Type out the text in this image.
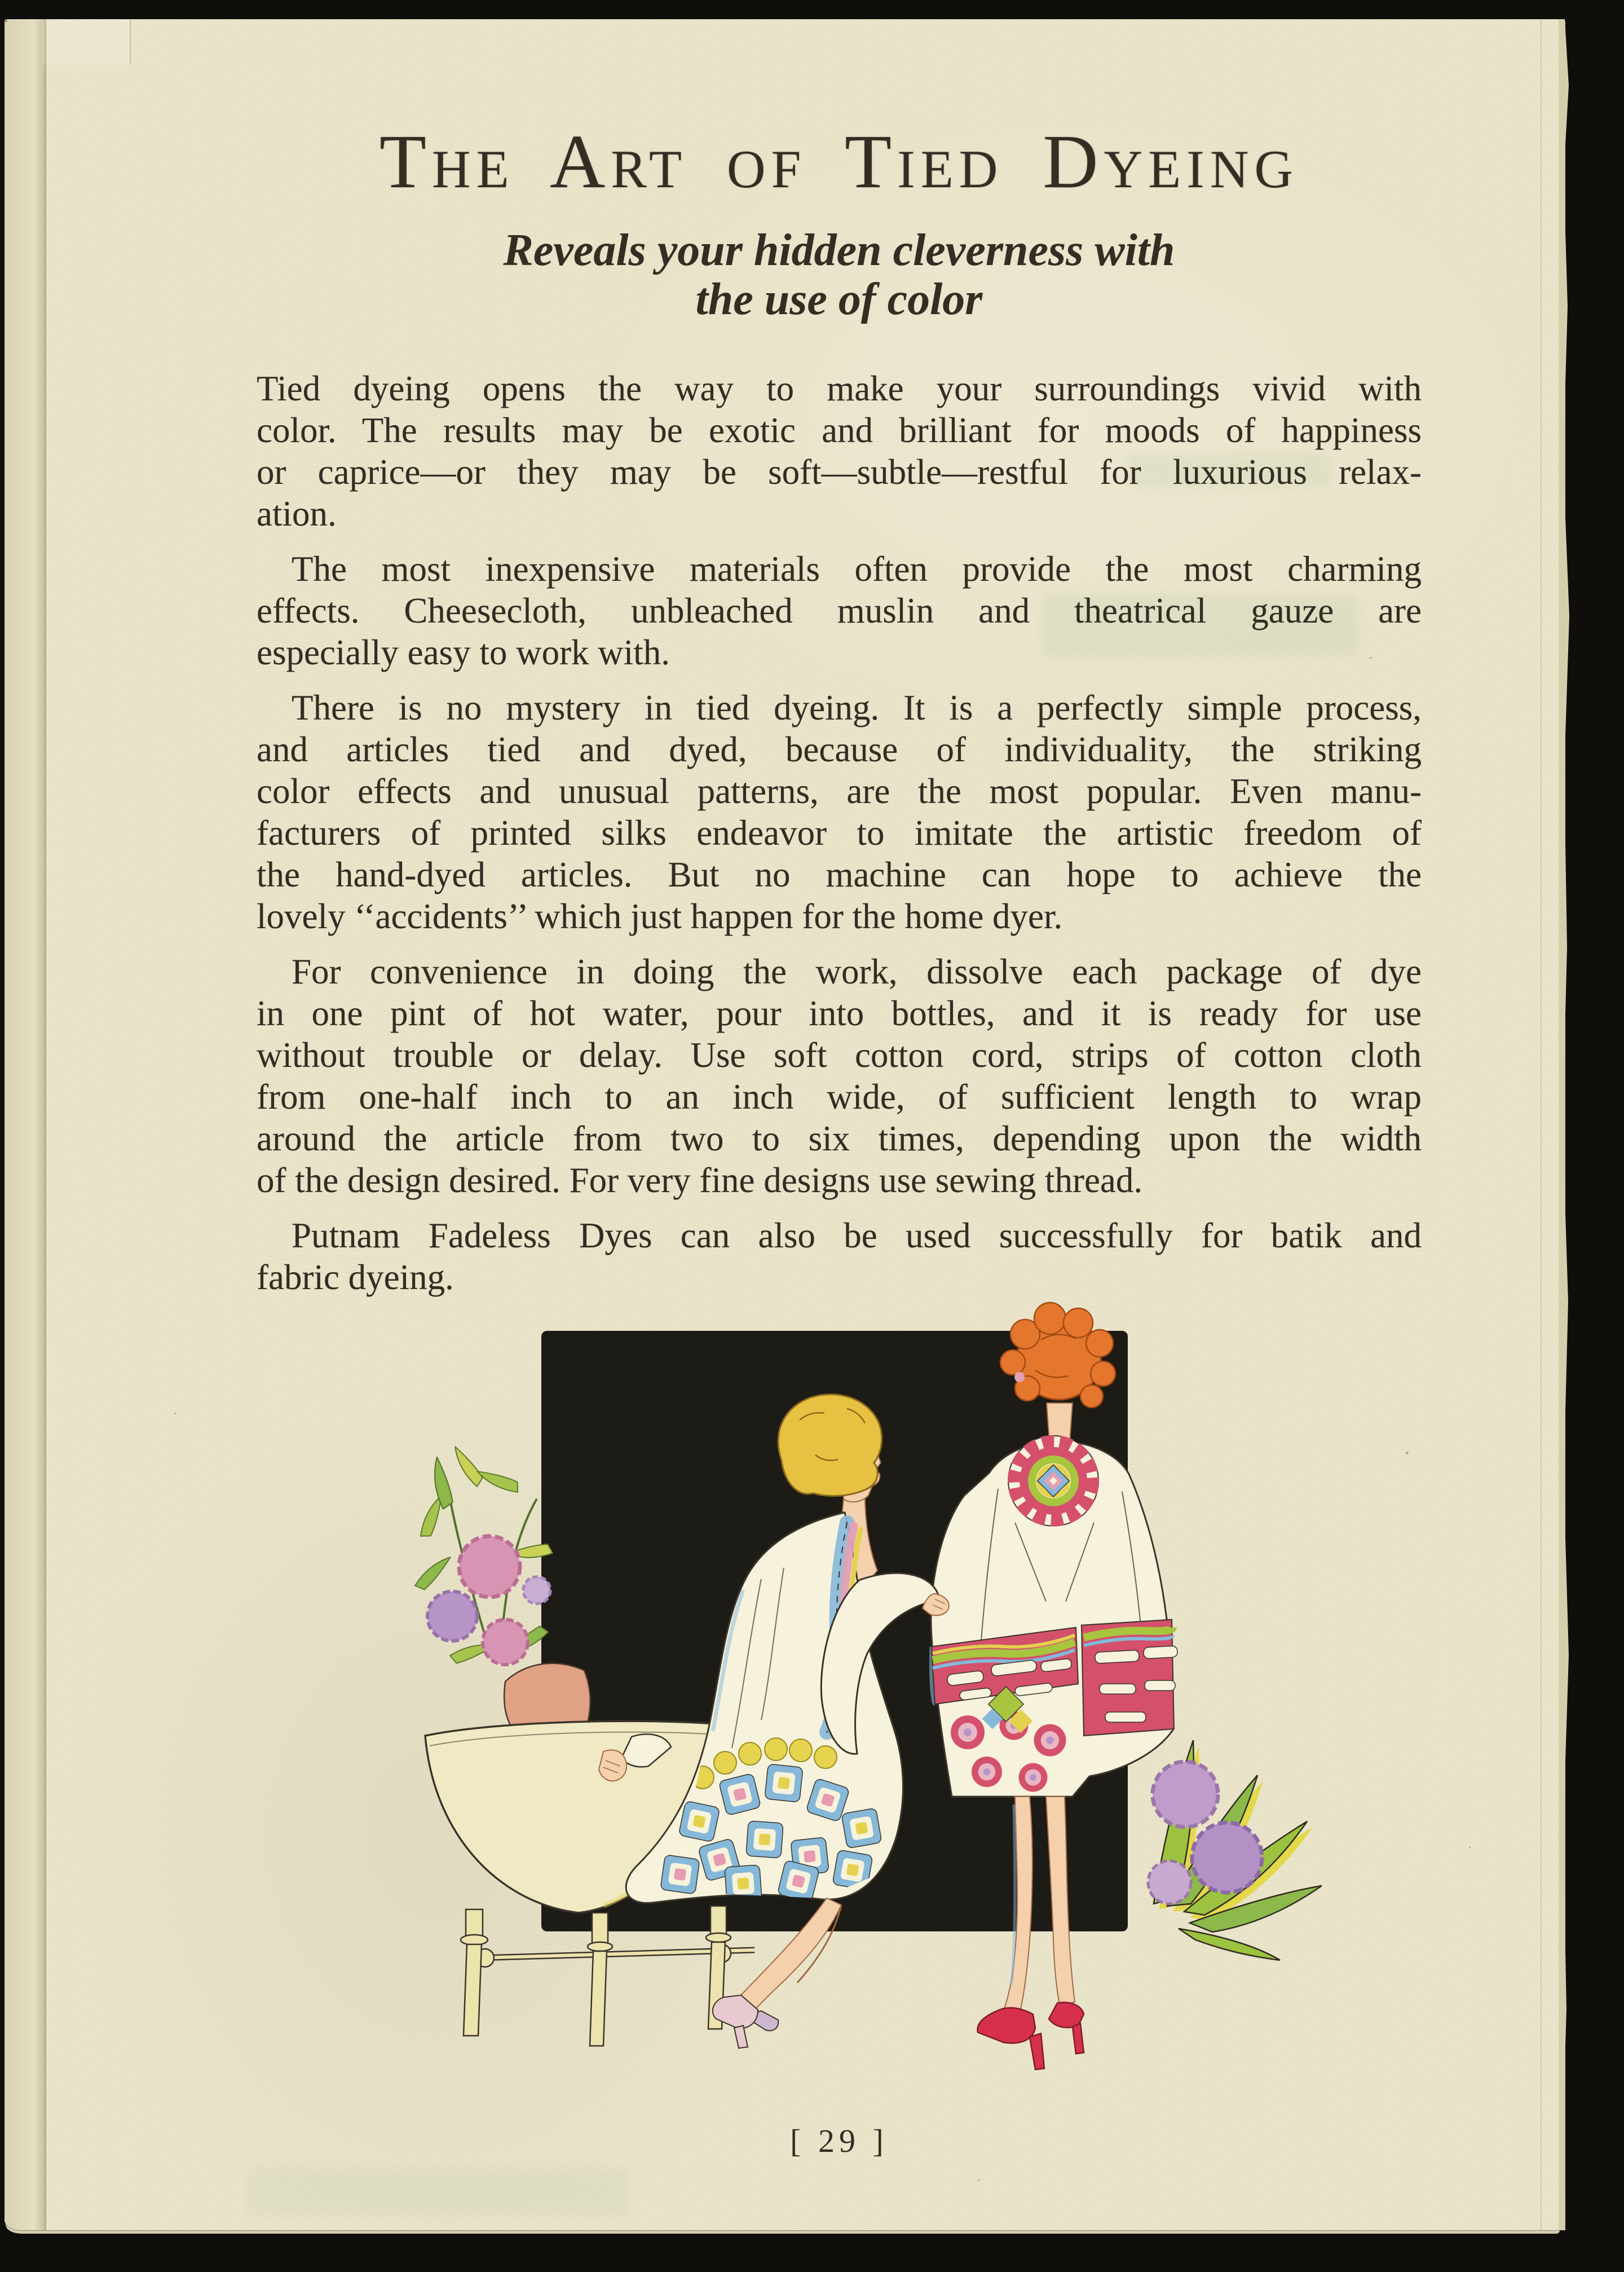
The Art of Tied Dyeing
Reveals your hidden cleverness with
the use of color
Tied dyeing opens the way to make your surroundings vivid with
color. The results may be exotic and brilliant for moods of happiness
or caprice—or they may be soft—subtle—restful for luxurious relax-
ation.
The most inexpensive materials often provide the most charming
effects. Cheesecloth, unbleached muslin and theatrical gauze are
especially easy to work with.
There is no mystery in tied dyeing. It is a perfectly simple process,
and articles tied and dyed, because of individuality, the striking
color effects and unusual patterns, are the most popular. Even manu-
facturers of printed silks endeavor to imitate the artistic freedom of
the hand-dyed articles. But no machine can hope to achieve the
lovely ‘‘accidents’’ which just happen for the home dyer.
For convenience in doing the work, dissolve each package of dye
in one pint of hot water, pour into bottles, and it is ready for use
without trouble or delay. Use soft cotton cord, strips of cotton cloth
from one-half inch to an inch wide, of sufficient length to wrap
around the article from two to six times, depending upon the width
of the design desired. For very fine designs use sewing thread.
Putnam Fadeless Dyes can also be used successfully for batik and
fabric dyeing.
[ 29 ]
